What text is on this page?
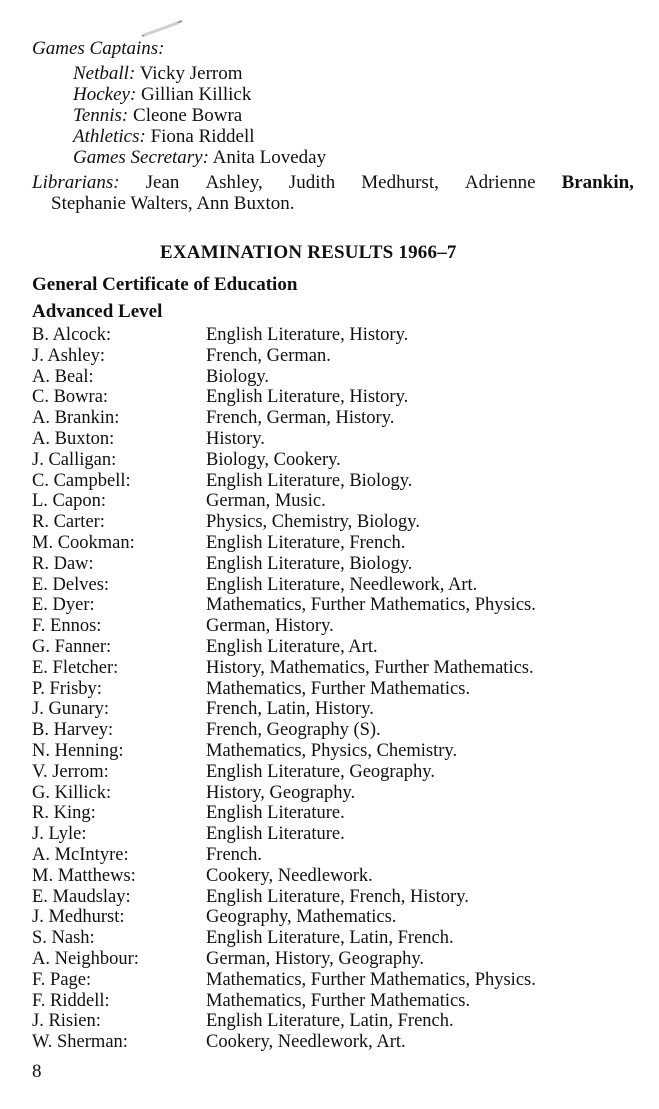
Games Captains:
Netball: Vicky Jerrom
Hockey: Gillian Killick
Tennis: Cleone Bowra
Athletics: Fiona Riddell
Games Secretary: Anita Loveday
Librarians: Jean Ashley, Judith Medhurst, Adrienne Brankin,
Stephanie Walters, Ann Buxton.
EXAMINATION RESULTS 1966–7
General Certificate of Education
Advanced Level
B. Alcock:	English Literature, History.
J. Ashley:	French, German.
A. Beal:	Biology.
C. Bowra:	English Literature, History.
A. Brankin:	French, German, History.
A. Buxton:	History.
J. Calligan:	Biology, Cookery.
C. Campbell:	English Literature, Biology.
L. Capon:	German, Music.
R. Carter:	Physics, Chemistry, Biology.
M. Cookman:	English Literature, French.
R. Daw:	English Literature, Biology.
E. Delves:	English Literature, Needlework, Art.
E. Dyer:	Mathematics, Further Mathematics, Physics.
F. Ennos:	German, History.
G. Fanner:	English Literature, Art.
E. Fletcher:	History, Mathematics, Further Mathematics.
P. Frisby:	Mathematics, Further Mathematics.
J. Gunary:	French, Latin, History.
B. Harvey:	French, Geography (S).
N. Henning:	Mathematics, Physics, Chemistry.
V. Jerrom:	English Literature, Geography.
G. Killick:	History, Geography.
R. King:	English Literature.
J. Lyle:	English Literature.
A. McIntyre:	French.
M. Matthews:	Cookery, Needlework.
E. Maudslay:	English Literature, French, History.
J. Medhurst:	Geography, Mathematics.
S. Nash:	English Literature, Latin, French.
A. Neighbour:	German, History, Geography.
F. Page:	Mathematics, Further Mathematics, Physics.
F. Riddell:	Mathematics, Further Mathematics.
J. Risien:	English Literature, Latin, French.
W. Sherman:	Cookery, Needlework, Art.
8
